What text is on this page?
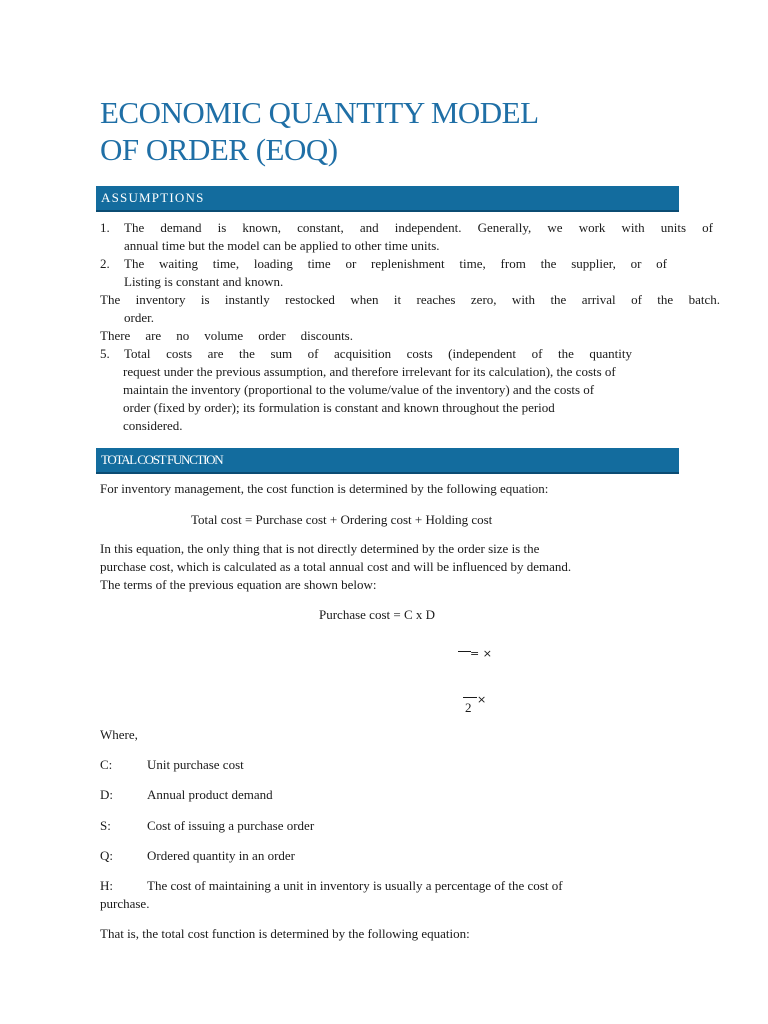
ECONOMIC QUANTITY MODEL
OF ORDER (EOQ)
ASSUMPTIONS
1. The demand is known, constant, and independent. Generally, we work with units of
annual time but the model can be applied to other time units.
2. The waiting time, loading time or replenishment time, from the supplier, or of
Listing is constant and known.
The inventory is instantly restocked when it reaches zero, with the arrival of the batch.
order.
There are no volume order discounts.
5. Total costs are the sum of acquisition costs (independent of the quantity
request under the previous assumption, and therefore irrelevant for its calculation), the costs of
maintain the inventory (proportional to the volume/value of the inventory) and the costs of
order (fixed by order); its formulation is constant and known throughout the period
considered.
TOTAL COST FUNCTION
For inventory management, the cost function is determined by the following equation:
Total cost = Purchase cost + Ordering cost + Holding cost
In this equation, the only thing that is not directly determined by the order size is the
purchase cost, which is calculated as a total annual cost and will be influenced by demand.
The terms of the previous equation are shown below:
Purchase cost = C x D
= ×
2
×
Where,
C:	Unit purchase cost
D:	Annual product demand
S:	Cost of issuing a purchase order
Q:	Ordered quantity in an order
H:	The cost of maintaining a unit in inventory is usually a percentage of the cost of
purchase.
That is, the total cost function is determined by the following equation:
